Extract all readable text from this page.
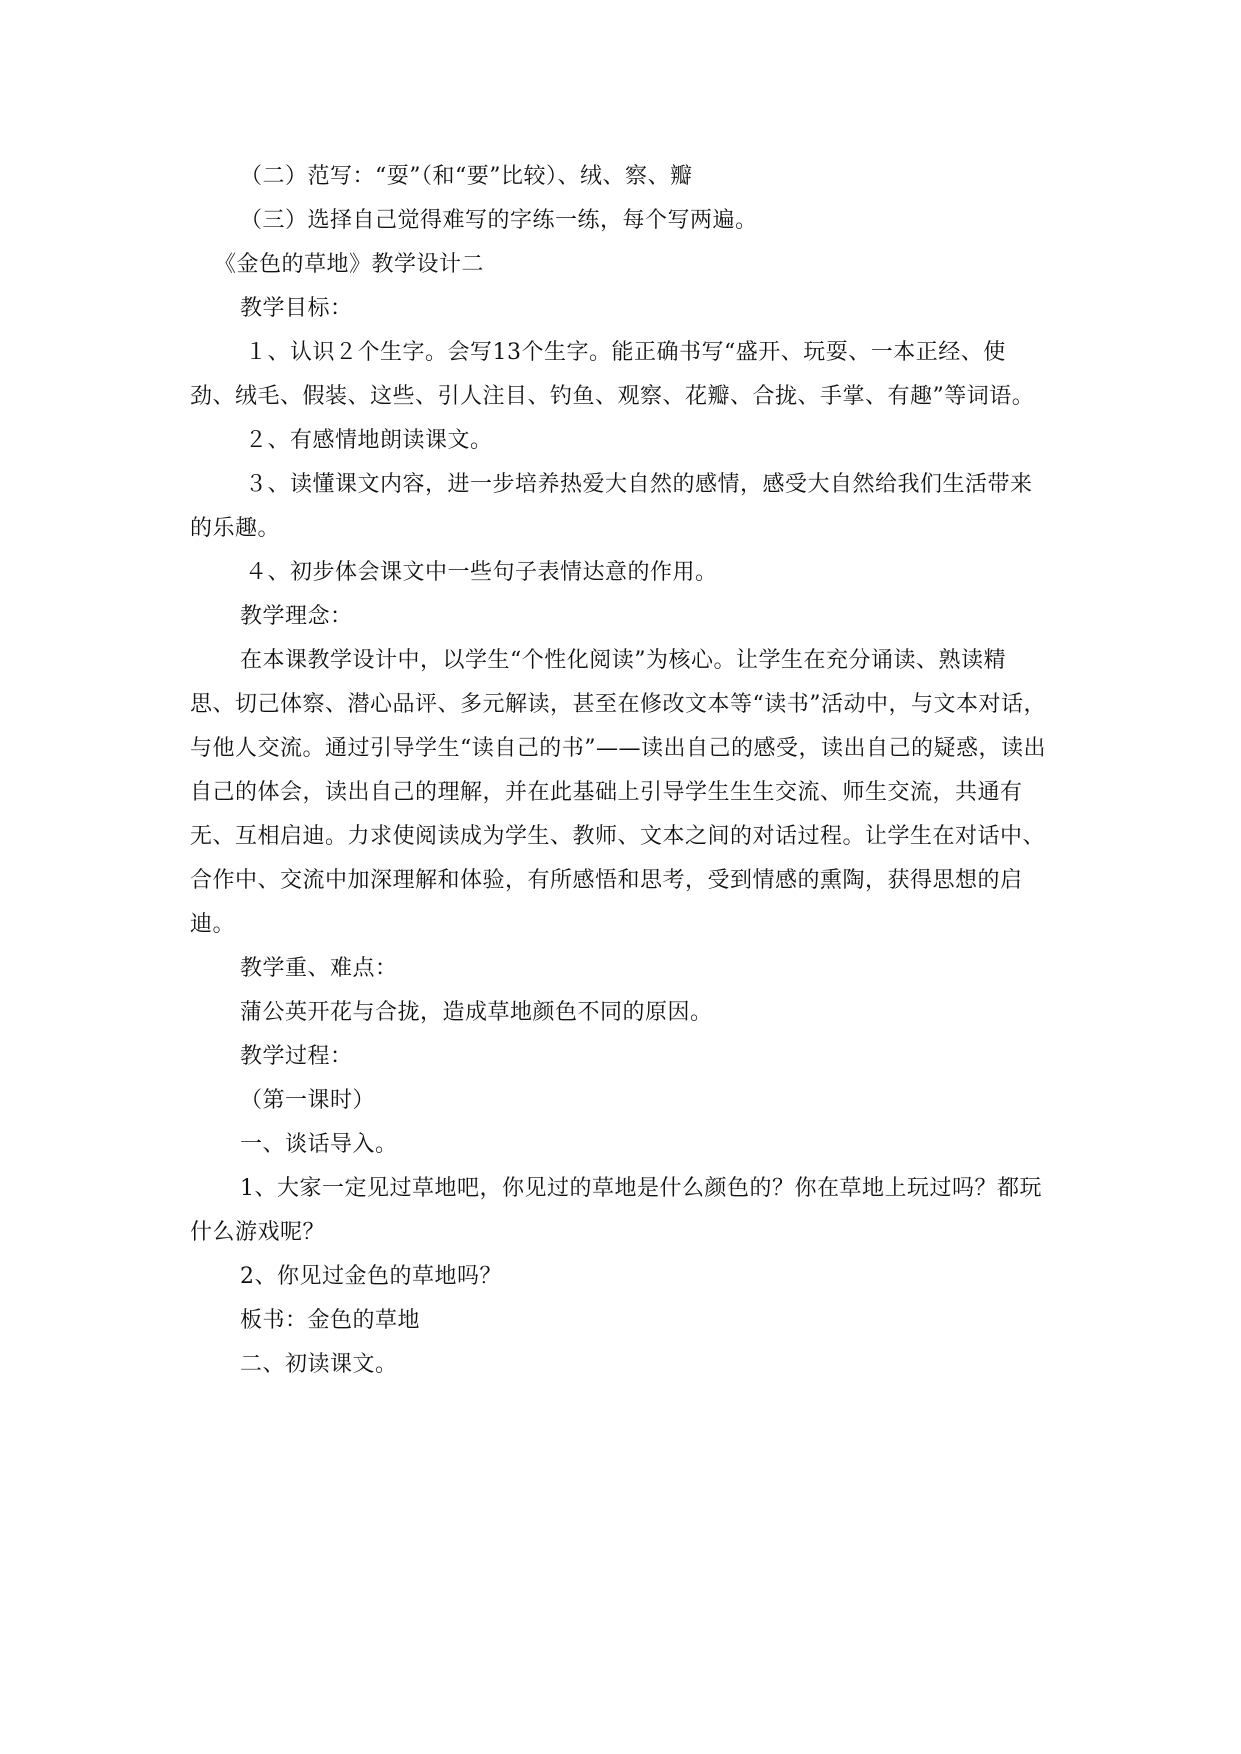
（二）范写：“耍”（和“要”比较）、绒、察、瓣

（三）选择自己觉得难写的字练一练，每个写两遍。

《金色的草地》教学设计二

教学目标：

１、认识２个生字。会写13个生字。能正确书写“盛开、玩耍、一本正经、使劲、绒毛、假装、这些、引人注目、钓鱼、观察、花瓣、合拢、手掌、有趣”等词语。

２、有感情地朗读课文。

３、读懂课文内容，进一步培养热爱大自然的感情，感受大自然给我们生活带来的乐趣。

４、初步体会课文中一些句子表情达意的作用。

教学理念：

在本课教学设计中，以学生“个性化阅读”为核心。让学生在充分诵读、熟读精思、切己体察、潜心品评、多元解读，甚至在修改文本等“读书”活动中，与文本对话，与他人交流。通过引导学生“读自己的书”——读出自己的感受，读出自己的疑惑，读出自己的体会，读出自己的理解，并在此基础上引导学生生生交流、师生交流，共通有无、互相启迪。力求使阅读成为学生、教师、文本之间的对话过程。让学生在对话中、合作中、交流中加深理解和体验，有所感悟和思考，受到情感的熏陶，获得思想的启迪。

教学重、难点：

蒲公英开花与合拢，造成草地颜色不同的原因。

教学过程：

（第一课时）

一、谈话导入。

1、大家一定见过草地吧，你见过的草地是什么颜色的？你在草地上玩过吗？都玩什么游戏呢？

2、你见过金色的草地吗？

板书：金色的草地

二、初读课文。
